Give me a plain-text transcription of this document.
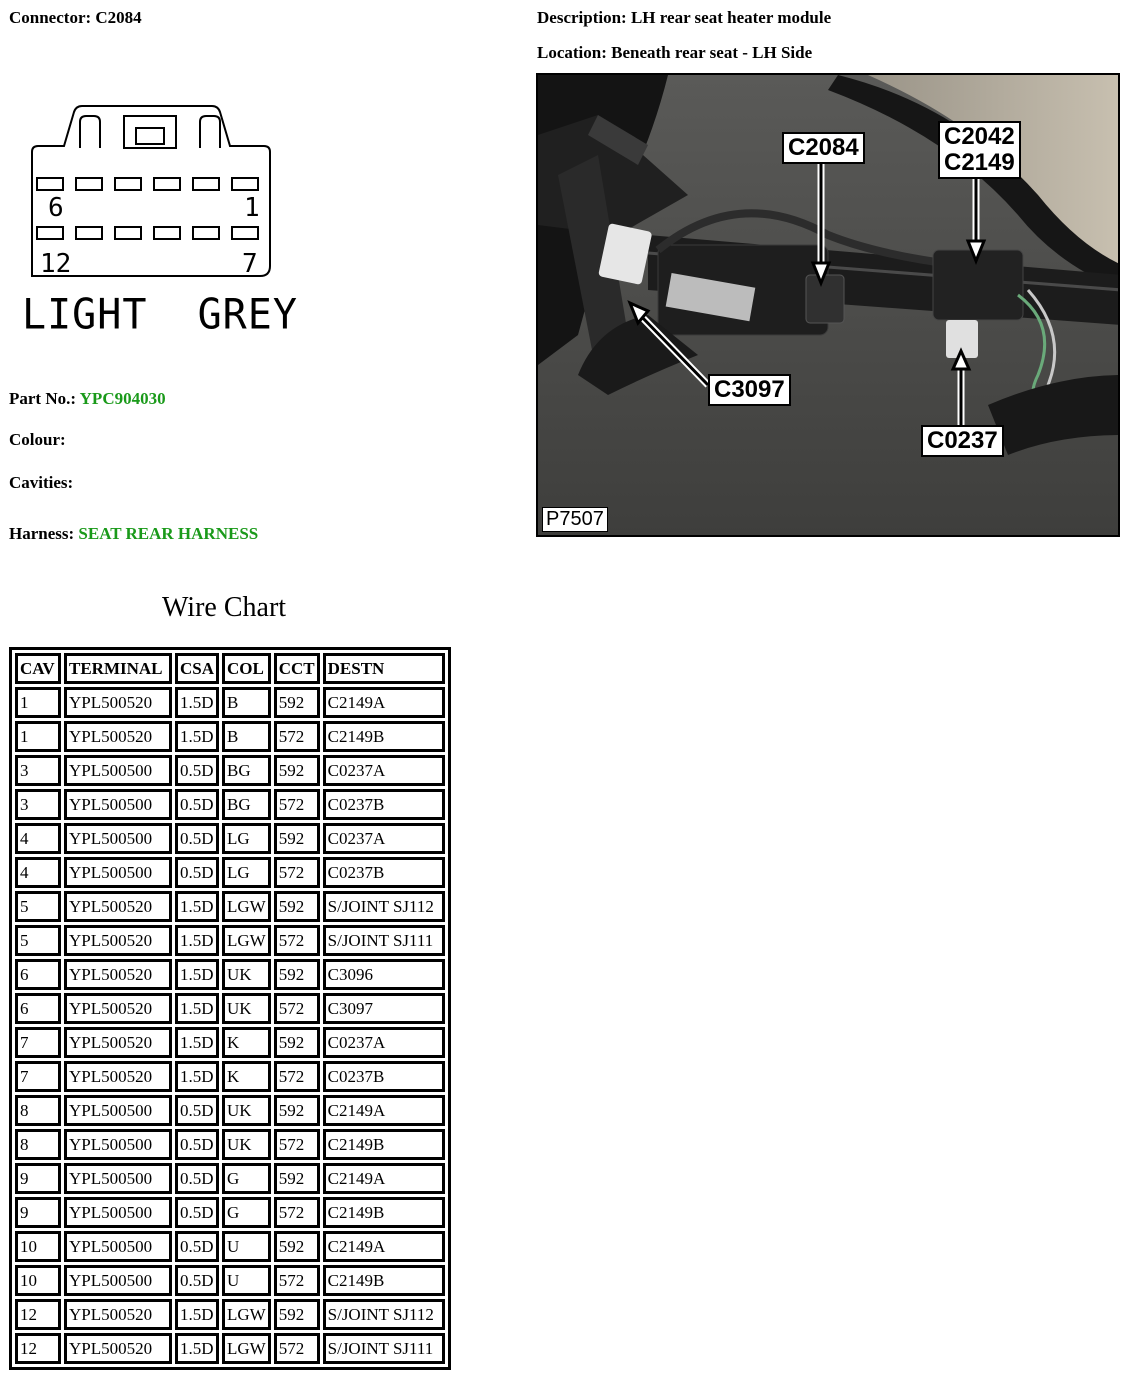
Connector: C2084	Description: LH rear seat heater module
Location: Beneath rear seat - LH Side
6	1
12	7
LIGHT  GREY
Part No.: YPC904030
Colour:
Cavities:
Harness: SEAT REAR HARNESS
C2084	C2042
C2149
C3097
C0237
P7507
Wire Chart
CAV	TERMINAL	CSA	COL	CCT	DESTN
1	YPL500520	1.5D	B	592	C2149A
1	YPL500520	1.5D	B	572	C2149B
3	YPL500500	0.5D	BG	592	C0237A
3	YPL500500	0.5D	BG	572	C0237B
4	YPL500500	0.5D	LG	592	C0237A
4	YPL500500	0.5D	LG	572	C0237B
5	YPL500520	1.5D	LGW	592	S/JOINT SJ112
5	YPL500520	1.5D	LGW	572	S/JOINT SJ111
6	YPL500520	1.5D	UK	592	C3096
6	YPL500520	1.5D	UK	572	C3097
7	YPL500520	1.5D	K	592	C0237A
7	YPL500520	1.5D	K	572	C0237B
8	YPL500500	0.5D	UK	592	C2149A
8	YPL500500	0.5D	UK	572	C2149B
9	YPL500500	0.5D	G	592	C2149A
9	YPL500500	0.5D	G	572	C2149B
10	YPL500500	0.5D	U	592	C2149A
10	YPL500500	0.5D	U	572	C2149B
12	YPL500520	1.5D	LGW	592	S/JOINT SJ112
12	YPL500520	1.5D	LGW	572	S/JOINT SJ111
